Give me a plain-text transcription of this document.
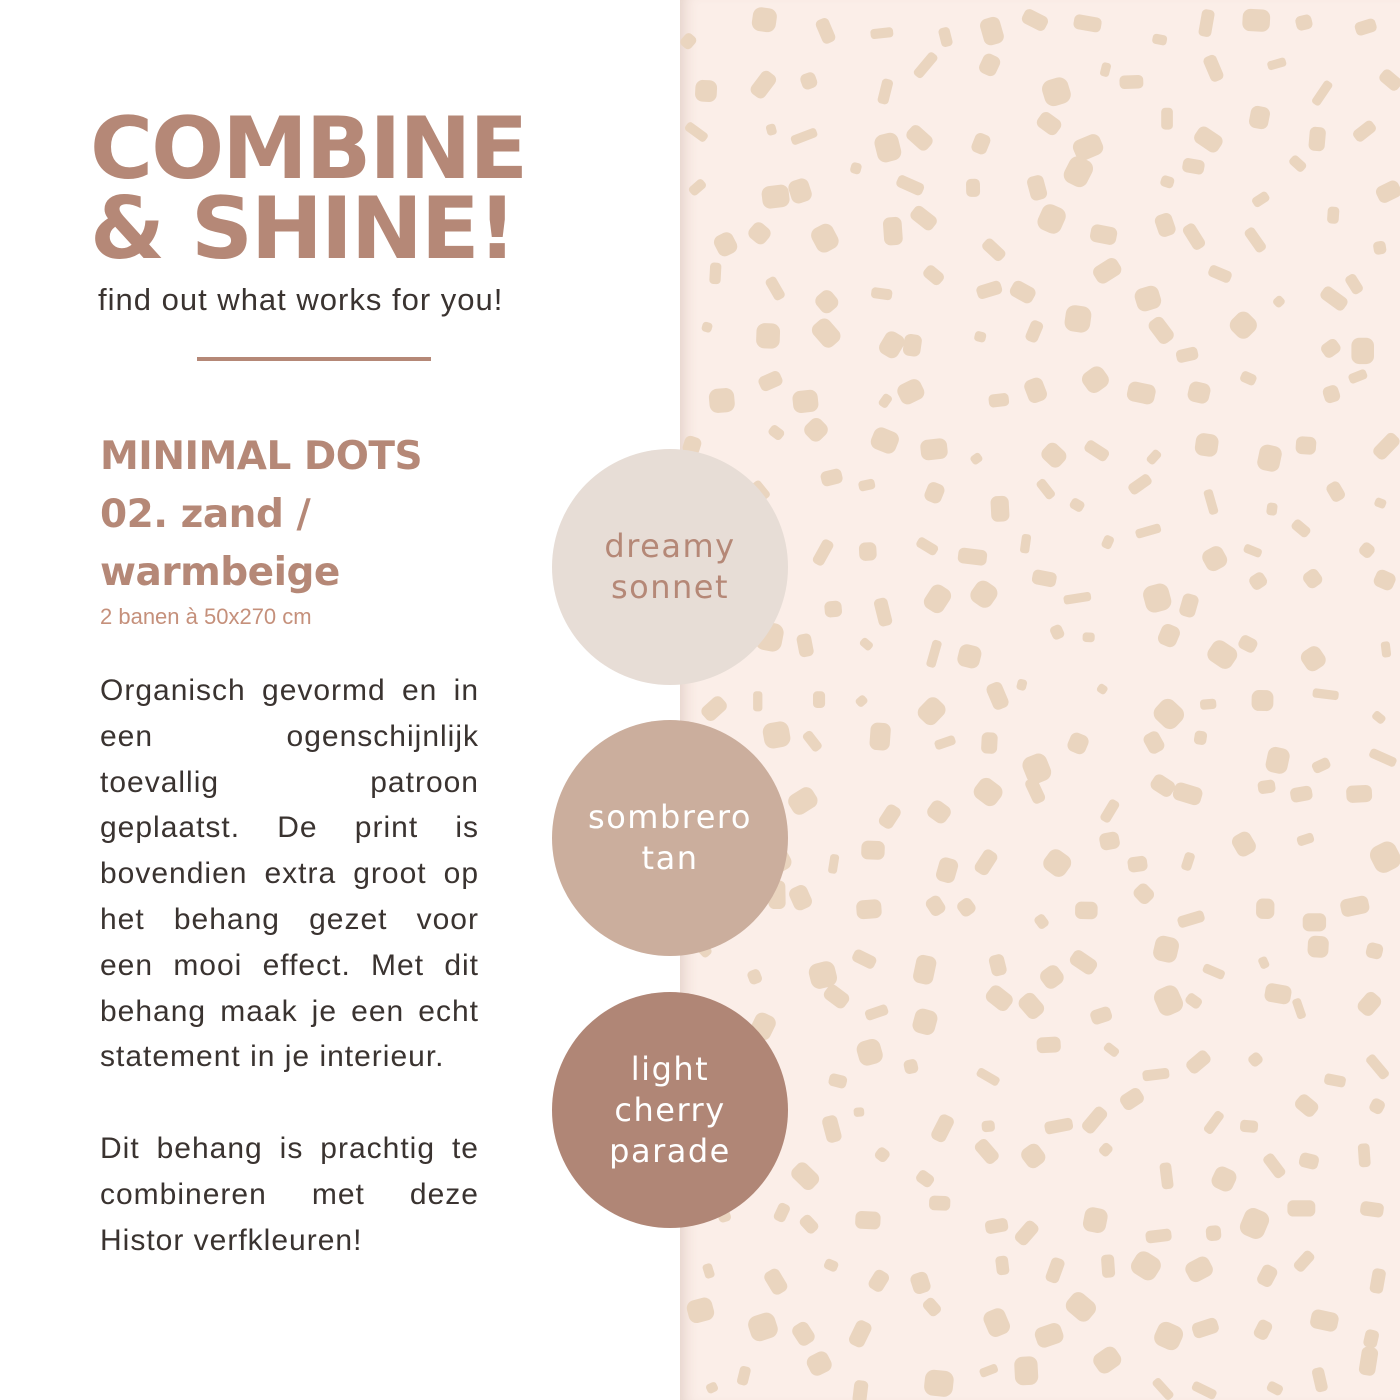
COMBINE
& SHINE!
find out what works for you!
MINIMAL DOTS
02. zand /
warmbeige
2 banen à 50x270 cm

Organisch gevormd en in een ogenschijnlijk toevallig patroon geplaatst. De print is bovendien extra groot op het behang gezet voor een mooi effect. Met dit behang maak je een echt statement in je interieur.

Dit behang is prachtig te combineren met deze Histor verfkleuren!

dreamy
sonnet
sombrero
tan
light
cherry
parade
